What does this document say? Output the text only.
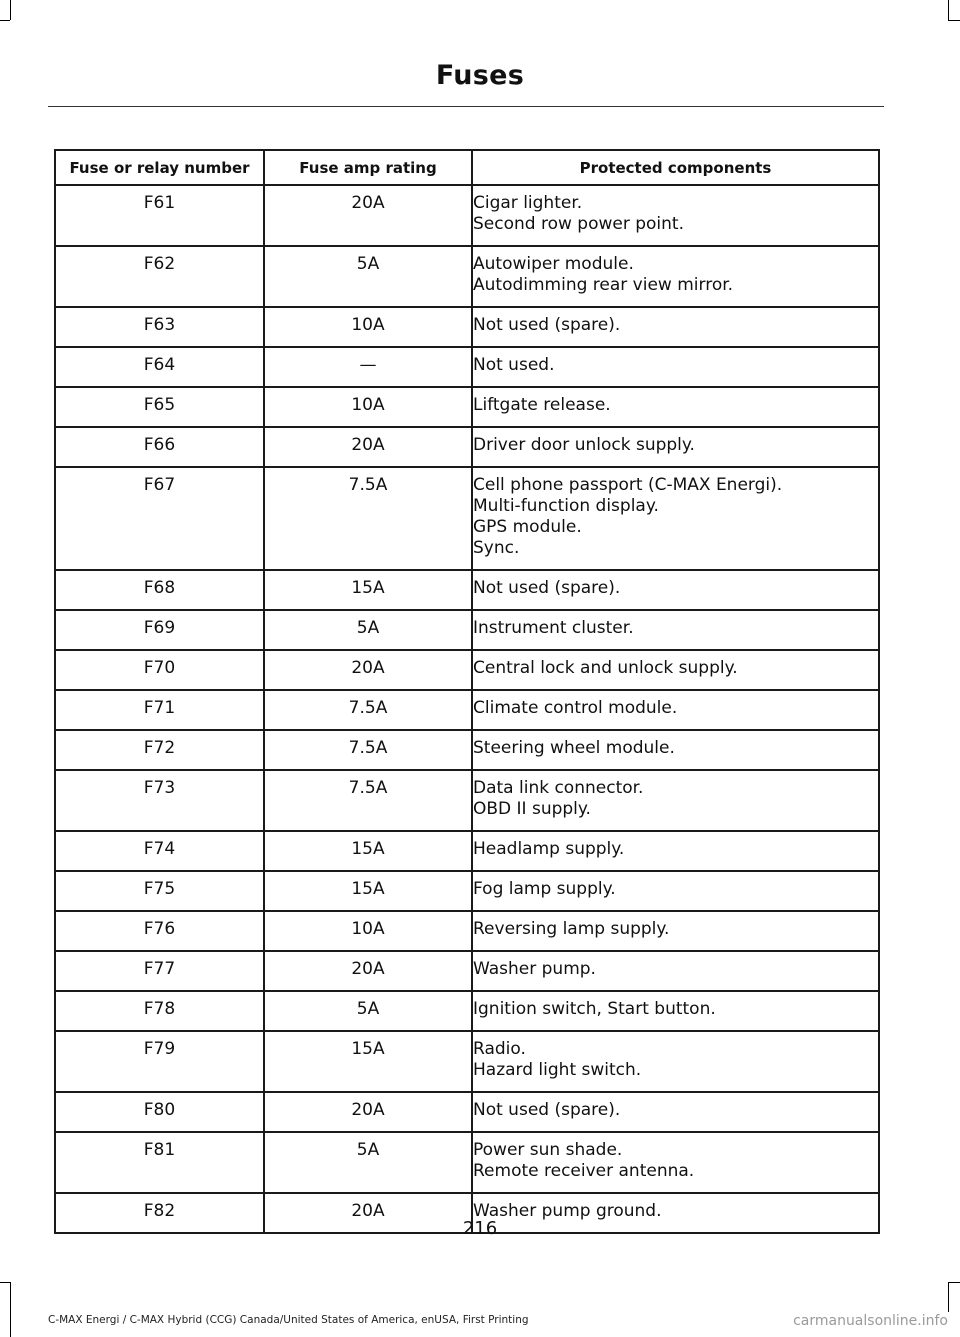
Fuses
Fuse or relay number	Fuse amp rating	Protected components
F61	20A	Cigar lighter.
Second row power point.

F62	5A	Autowiper module.
Autodimming rear view mirror.

F63	10A	Not used (spare).

F64	—	Not used.

F65	10A	Liftgate release.

F66	20A	Driver door unlock supply.

F67	7.5A	Cell phone passport (C-MAX Energi).
Multi-function display.
GPS module.
Sync.

F68	15A	Not used (spare).

F69	5A	Instrument cluster.

F70	20A	Central lock and unlock supply.

F71	7.5A	Climate control module.

F72	7.5A	Steering wheel module.

F73	7.5A	Data link connector.
OBD II supply.

F74	15A	Headlamp supply.

F75	15A	Fog lamp supply.

F76	10A	Reversing lamp supply.

F77	20A	Washer pump.

F78	5A	Ignition switch, Start button.

F79	15A	Radio.
Hazard light switch.

F80	20A	Not used (spare).

F81	5A	Power sun shade.
Remote receiver antenna.

F82	20A	Washer pump ground.
216
C-MAX Energi / C-MAX Hybrid (CCG) Canada/United States of America, enUSA, First Printing	carmanualsonline.info
